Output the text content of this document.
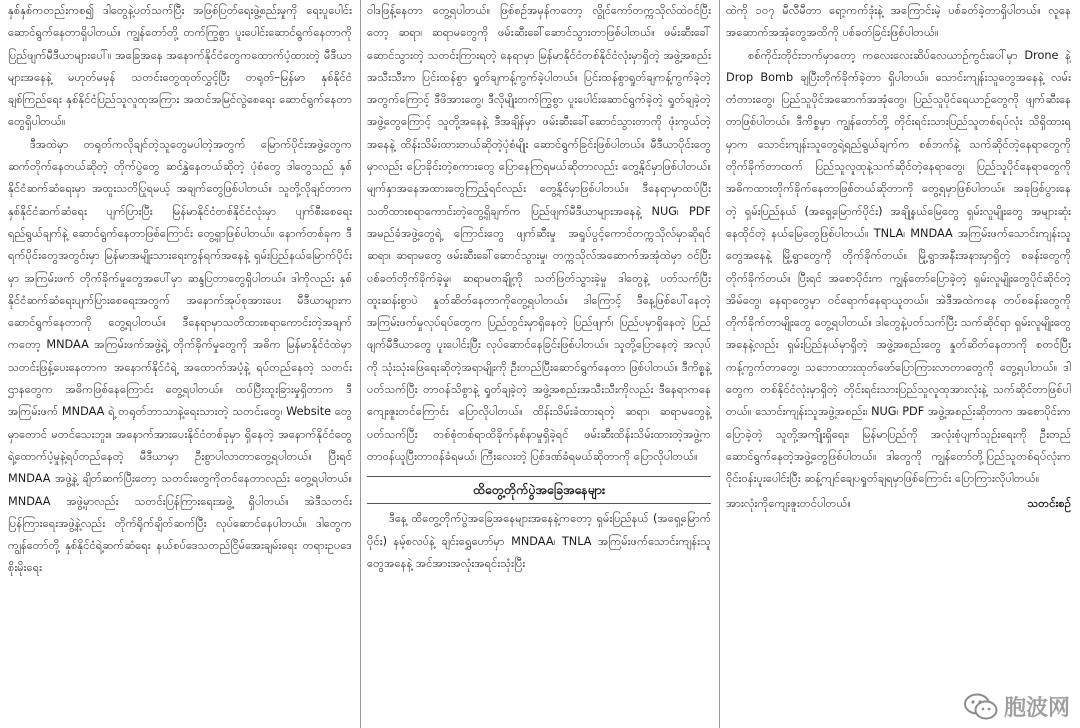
နှစ်နှစ်ကတည်းကစ၍ ဒါတွေနဲ့ပတ်သက်ပြီး အဖြစ်ပြတ်ရေးဖွဲ့စည်းမှုကို ရေးပူပေါင်းဆောင်ရွက်နေတာရှိပါတယ်။ ကျွန်တော်တို့ တက်ကြွစွာ ပူးပေါင်းဆောင်ရွက်နေတာကို ပြည်ဖျက်မီဒီယာများပေါ်။ အခြေအနေ အနောက်နိုင်ငံတွေကထောက်ပံ့ထားတဲ့ မီဒီယာများအနေနဲ့ မဟုတ်မမှန် သတင်းတွေထုတ်လွှင့်ပြီး တရုတ်–မြန်မာ နှစ်နိုင်ငံချစ်ကြည်ရေး နှစ်နိုင်ငံပြည်သူလူထုအကြား အထင်အမြင်လွဲစေရေး ဆောင်ရွက်နေတာတွေရှိပါတယ်။

ဒီအထဲမှာ တရုတ်ကလိုချင်တဲ့သူတွေမပါတဲ့အတွက် မြောက်ပိုင်းအဖွဲ့တွေက ဆက်တိုက်နေတယ်ဆိုတဲ့ တိုက်ပွဲတွေ ဆင်နွှဲနေတယ်ဆိုတဲ့ ပုံစံတွေ ဒါတွေသည် နှစ်နိုင်ငံဆက်ဆံရေးမှာ အထူးသတိပြုရမယ့် အချက်တွေဖြစ်ပါတယ်။ သူတို့လိုချင်တာက နှစ်နိုင်ငံဆက်ဆံရေး ပျက်ပြားပြီး မြန်မာနိုင်ငံတစ်နိုင်ငံလုံးမှာ ပျက်စီးစေရေးရည်ရွယ်ချက်နဲ့ ဆောင်ရွက်နေတာဖြစ်ကြောင်း တွေ့ရှာဖြစ်ပါတယ်။ နောက်တစ်ခုက ဒီရက်ပိုင်းတွေအတွင်းမှာ မြန်မာအမျိုးသားရေးကွန်ရက်အနေနဲ့ ရှမ်းပြည်နယ်မြောက်ပိုင်းမှာ အကြမ်းဖက် တိုက်ခိုက်မှုတွေအပေါ်မှာ ဆန္ဒပြတာတွေရှိပါတယ်။ ဒါကိုလည်း နှစ်နိုင်ငံဆက်ဆံရေးပျက်ပြားစေရေးအတွက် အနောက်အုပ်စုအားပေး မီဒီယာများက ဆောင်ရွက်နေတာကို တွေ့ရပါတယ်။ ဒီနေရာမှာသတိထားစရာကောင်းတဲ့အချက်ကတော့ MNDAA အကြမ်းဖက်အဖွဲ့ရဲ့ တိုက်ခိုက်မှုတွေကို အဓိက မြန်မာနိုင်ငံထဲမှာ သတင်းဖြန့်ပေးနေတာက အနောက်နိုင်ငံရဲ့ အထောက်အပံ့နဲ့ ရပ်တည်နေတဲ့ သတင်းဌာနတွေက အဓိကဖြစ်နေကြောင်း တွေ့ရပါတယ်။ ထပ်ပြီးထူးခြားမှုရှိတာက ဒီအကြမ်းဖက် MNDAA ရဲ့ တရုတ်ဘာသာနဲ့ရေးသားတဲ့ သတင်းတွေ၊ Website တွေမှာတောင် မတင်သေးဘူး။ အနောက်အားပေးနိုင်ငံတစ်ခုမှာ ရှိနေတဲ့ အနောက်နိုင်ငံတွေရဲ့ထောက်ပံ့မှုနဲ့ရပ်တည်နေတဲ့ မီဒီယာမှာ ဦးစွာပါလာတာတွေ့ရပါတယ်။ ပြီးရင် MNDAA အဖွဲ့နဲ့ ချိတ်ဆက်ပြီးတော့ သတင်းတွေကိုတင်နေတာလည်း တွေ့ရပါတယ်။ MNDAA အဖွဲ့မှာလည်း သတင်းပြန်ကြားရေးအဖွဲ့ ရှိပါတယ်။ အဲဒီသတင်းပြန်ကြားရေးအဖွဲ့နဲ့လည်း တိုက်ရိုက်ချိတ်ဆက်ပြီး လုပ်ဆောင်နေပါတယ်။ ဒါတွေက ကျွန်တော်တို့ နှစ်နိုင်ငံရဲ့ဆက်ဆံရေး နယ်စပ်ဒေသတည်ငြိမ်အေးချမ်းရေး တရားဥပဒေစိုးမိုးရေး

ဝါဒဖြန့်နေတာ တွေ့ရပါတယ်။ ဖြစ်စဉ်အမှန်ကတော့ လွိုင်ကော်တက္ကသိုလ်ထဲဝင်ပြီးတော့ ဆရာ၊ ဆရာမတွေကို ဖမ်းဆီးခေါ်ဆောင်သွားတာဖြစ်ပါတယ်။ ဖမ်းဆီးခေါ်ဆောင်သွားတဲ့ သတင်းကြားရတဲ့ နေရာမှာ မြန်မာနိုင်ငံတစ်နိုင်ငံလုံးမှာရှိတဲ့ အဖွဲ့အစည်းအသီးသီးက ပြင်းထန်စွာ ရှုတ်ချကန့်ကွက်ခဲ့ပါတယ်။ ပြင်းထန်စွာရှုတ်ချကန့်ကွက်ခဲ့တဲ့အတွက်ကြောင့် ဒီဖိအားတွေ၊ ဒီလိုမျိုးတက်ကြွစွာ ပူးပေါင်းဆောင်ရွက်ခဲ့တဲ့ ရှုတ်ချခဲ့တဲ့အဖွဲ့တွေကြောင့် သူတို့အနေနဲ့ ဒီအချိန်မှာ ဖမ်းဆီးခေါ်ဆောင်သွားတာကို ဖုံးကွယ်တဲ့အနေနဲ့ ထိန်းသိမ်းထားတယ်ဆိုတဲ့ပုံစံမျိုး ဆောင်ရွက်ခြင်းဖြစ်ပါတယ်။ မီဒီယာပိုင်းတွေမှာလည်း ပြောခိုင်းတဲ့စကားတွေ ပြောနေကြရမယ်ဆိုတာလည်း တွေ့နိုင်မှာဖြစ်ပါတယ်။ မျက်နှာအနေအထားတွေကြည့်ရင်လည်း တွေ့နိုင်မှာဖြစ်ပါတယ်။ ဒီနေရာမှာထပ်ပြီး သတိထားစရာကောင်းတဲ့တွေ့ရှိချက်က ပြည်ဖျက်မီဒီယာများအနေနဲ့ NUG၊ PDF အမည်ခံအဖွဲ့တွေရဲ့ ကြောင်းတွေ ဖျက်ဆီးမှု အရှုပ်ပွင့်ကောင်တက္ကသိုလ်မှာဆိုရင် ဆရာ၊ ဆရာမတွေ ဖမ်းဆီးခေါ်ဆောင်သွားမှု၊ တက္ကသိုလ်အဆောက်အအုံထဲမှာ ဝင်ပြီး ပစ်ခတ်တိုက်ခိုက်ခဲ့မှု၊ ဆရာမတချို့ကို သတ်ဖြတ်သွားခဲ့မှု ဒါတွေနဲ့ ပတ်သက်ပြီး ထူးဆန်းစွာပဲ နှုတ်ဆိတ်နေတာကိုတွေ့ရပါတယ်။ ဒါကြောင့် ဒီနေ့ဖြစ်ပေါ်နေတဲ့ အကြမ်းဖက်မှုလုပ်ရပ်တွေက ပြည်တွင်းမှာရှိနေတဲ့ ပြည်ဖျက်၊ ပြည်ပမှာရှိနေတဲ့ ပြည်ဖျက်မီဒီယာတွေ ပူးပေါင်းပြီး လုပ်ဆောင်နေခြင်းဖြစ်ပါတယ်။ သူတို့ပြောနေတဲ့ အလုပ်ကို သုံးသုံးဖြေရေးဆိုတဲ့အရာမျိုးကို ဦးတည်ပြီးဆောင်ရွက်နေတာ ဖြစ်ပါတယ်။ ဒီကိစ္စနဲ့ပတ်သက်ပြီး တာဝန်သိစွာနဲ့ ရှုတ်ချခဲ့တဲ့ အဖွဲ့အစည်းအသီးသီးကိုလည်း ဒီနေရာကနေ ကျေးဇူးတင်ကြောင်း ပြောလိုပါတယ်။ ထိန်းသိမ်းခံထားရတဲ့ ဆရာ၊ ဆရာမတွေနဲ့ပတ်သက်ပြီး တစ်စုံတစ်ရာထိခိုက်နစ်နာမှုရှိခဲ့ရင် ဖမ်းဆီးထိန်းသိမ်းထားတဲ့အဖွဲ့က တာဝန်ယူပြီးတာဝန်ခံရမယ်၊ ကြီးလေးတဲ့ ပြစ်ဒဏ်ခံရမယ်ဆိုတာကို ပြောလိုပါတယ်။

ထိတွေ့တိုက်ပွဲအခြေအနေများ

ဒီနေ့ ထိတွေ့တိုက်ပွဲအခြေအနေများအနေနဲ့ကတော့ ရှမ်းပြည်နယ် (အရှေ့မြောက်ပိုင်း) နမ့်စလပ်နဲ့ ချင်းရွှေဟော်မှာ MNDAA၊ TNLA အကြမ်းဖက်သောင်းကျန်းသူတွေအနေနဲ့ အင်အားအလုံးအရင်းသုံးပြီး

ထဲကို ၁၀၇ မီလီမီတာ ရော့ကက်ဒုံးနဲ့ အကြောင်းမဲ့ ပစ်ခတ်ခဲ့တာရှိပါတယ်။ လူနေအဆောက်အအုံတွေအထိကို ပစ်ခတ်ခြင်းဖြစ်ပါတယ်။

စစ်ကိုင်းတိုင်းဘက်မှာတော့ ကလေးလေးဆိပ်လေယာဉ်ကွင်းပေါ်မှာ Drone နဲ့ Drop Bomb ချပြီးတိုက်ခိုက်ခဲ့တာ ရှိပါတယ်။ သောင်းကျန်းသူတွေအနေနဲ့ လမ်းတံတားတွေ၊ ပြည်သူပိုင်အဆောက်အအုံတွေ၊ ပြည်သူပိုင်ရေယာဉ်တွေကို ဖျက်ဆီးနေတာဖြစ်ပါတယ်။ ဒီကိစ္စမှာ ကျွန်တော်တို့ တိုင်းရင်းသားပြည်သူတစ်ရပ်လုံး သိရှိထားရမှာက သောင်းကျန်းသူတွေရဲ့ရည်ရွယ်ချက်က စစ်ဘက်နဲ့ သက်ဆိုင်တဲ့နေရာတွေကို တိုက်ခိုက်တာထက် ပြည်သူလူထုနဲ့သက်ဆိုင်တဲ့နေရာတွေ၊ ပြည်သူပိုင်နေရာတွေကို အဓိကထားတိုက်ခိုက်နေတာဖြစ်တယ်ဆိုတာကို တွေ့ရမှာဖြစ်ပါတယ်။ အခုဖြစ်ပွားနေတဲ့ ရှမ်းပြည်နယ် (အရှေ့မြောက်ပိုင်း) အချို့နယ်မြေတွေ ရှမ်းလူမျိုးတွေ အများဆုံးနေထိုင်တဲ့ နယ်မြေတွေဖြစ်ပါတယ်။ TNLA၊ MNDAA အကြမ်းဖက်သောင်းကျန်းသူတွေအနေနဲ့ မြို့ရွာတွေကို တိုက်ခိုက်တယ်။ မြို့ရွာအနီးအနားမှာရှိတဲ့ စခန်းတွေကိုတိုက်ခိုက်တယ်။ ပြီးရင် အစောပိုင်းက ကျွန်တော်ပြောခဲ့တဲ့ ရှမ်းလူမျိုးတွေပိုင်ဆိုင်တဲ့ အိမ်တွေ၊ နေရာတွေမှာ ဝင်ရောက်နေရာယူတယ်။ အဲဒီအထဲကနေ တပ်စခန်းတွေကို တိုက်ခိုက်တာမျိုးတွေ တွေ့ရပါတယ်။ ဒါတွေနဲ့ပတ်သက်ပြီး သက်ဆိုင်ရာ ရှမ်းလူမျိုးတွေအနေနဲ့လည်း ရှမ်းပြည်နယ်မှာရှိတဲ့ အဖွဲ့အစည်းတွေ နှုတ်ဆိတ်နေတာကို စတင်ပြီးကန့်ကွက်တာတွေ၊ သဘောထားထုတ်ဖော်ပြောကြားလာတာတွေကို တွေ့ရပါတယ်။ ဒါတွေက တစ်နိုင်ငံလုံးမှာရှိတဲ့ တိုင်းရင်းသားပြည်သူလူထုအားလုံးနဲ့ သက်ဆိုင်တာဖြစ်ပါတယ်။ သောင်းကျန်းသူအဖွဲ့အစည်း၊ NUG၊ PDF အဖွဲ့အစည်းဆိုတာက အစောပိုင်းကပြောခဲ့တဲ့ သူတို့အကျိုးရှိရေး၊ မြန်မာပြည်ကို အလုံးစုံပျက်သုဉ်းရေးကို ဦးတည်ဆောင်ရွက်နေတဲ့အဖွဲ့တွေဖြစ်ပါတယ်။ ဒါတွေကို ကျွန်တော်တို့ပြည်သူတစ်ရပ်လုံးက ဝိုင်းဝန်းပူးပေါင်းပြီး ဆန့်ကျင်ချေပရှုတ်ချရမှာဖြစ်ကြောင်း ပြောကြားလိုပါတယ်။

အားလုံးကိုကျေးဇူးတင်ပါတယ်။	သတင်းစဉ်
胞波网
